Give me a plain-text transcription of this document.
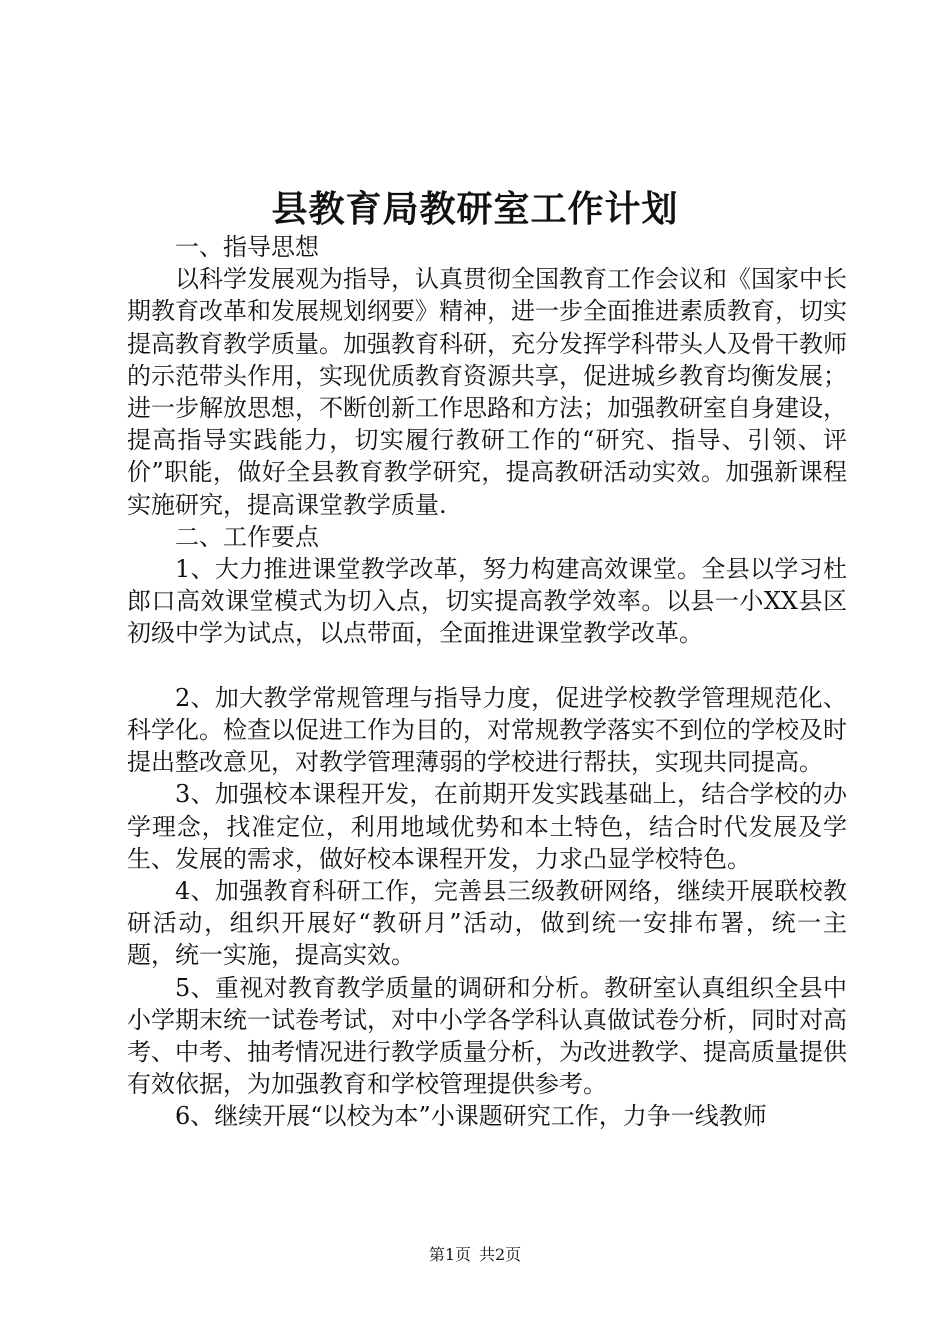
县教育局教研室工作计划

一、指导思想

以科学发展观为指导，认真贯彻全国教育工作会议和《国家中长期教育改革和发展规划纲要》精神，进一步全面推进素质教育，切实提高教育教学质量。加强教育科研，充分发挥学科带头人及骨干教师的示范带头作用，实现优质教育资源共享，促进城乡教育均衡发展；进一步解放思想，不断创新工作思路和方法；加强教研室自身建设，提高指导实践能力，切实履行教研工作的“研究、指导、引领、评价”职能，做好全县教育教学研究，提高教研活动实效。加强新课程实施研究，提高课堂教学质量.

二、工作要点

1、大力推进课堂教学改革，努力构建高效课堂。全县以学习杜郎口高效课堂模式为切入点，切实提高教学效率。以县一小XX县区初级中学为试点，以点带面，全面推进课堂教学改革。

2、加大教学常规管理与指导力度，促进学校教学管理规范化、科学化。检查以促进工作为目的，对常规教学落实不到位的学校及时提出整改意见，对教学管理薄弱的学校进行帮扶，实现共同提高。

3、加强校本课程开发，在前期开发实践基础上，结合学校的办学理念，找准定位，利用地域优势和本土特色，结合时代发展及学生、发展的需求，做好校本课程开发，力求凸显学校特色。

4、加强教育科研工作，完善县三级教研网络，继续开展联校教研活动，组织开展好“教研月”活动，做到统一安排布署，统一主题，统一实施，提高实效。

5、重视对教育教学质量的调研和分析。教研室认真组织全县中小学期末统一试卷考试，对中小学各学科认真做试卷分析，同时对高考、中考、抽考情况进行教学质量分析，为改进教学、提高质量提供有效依据，为加强教育和学校管理提供参考。

6、继续开展“以校为本”小课题研究工作，力争一线教师

第1页 共2页
